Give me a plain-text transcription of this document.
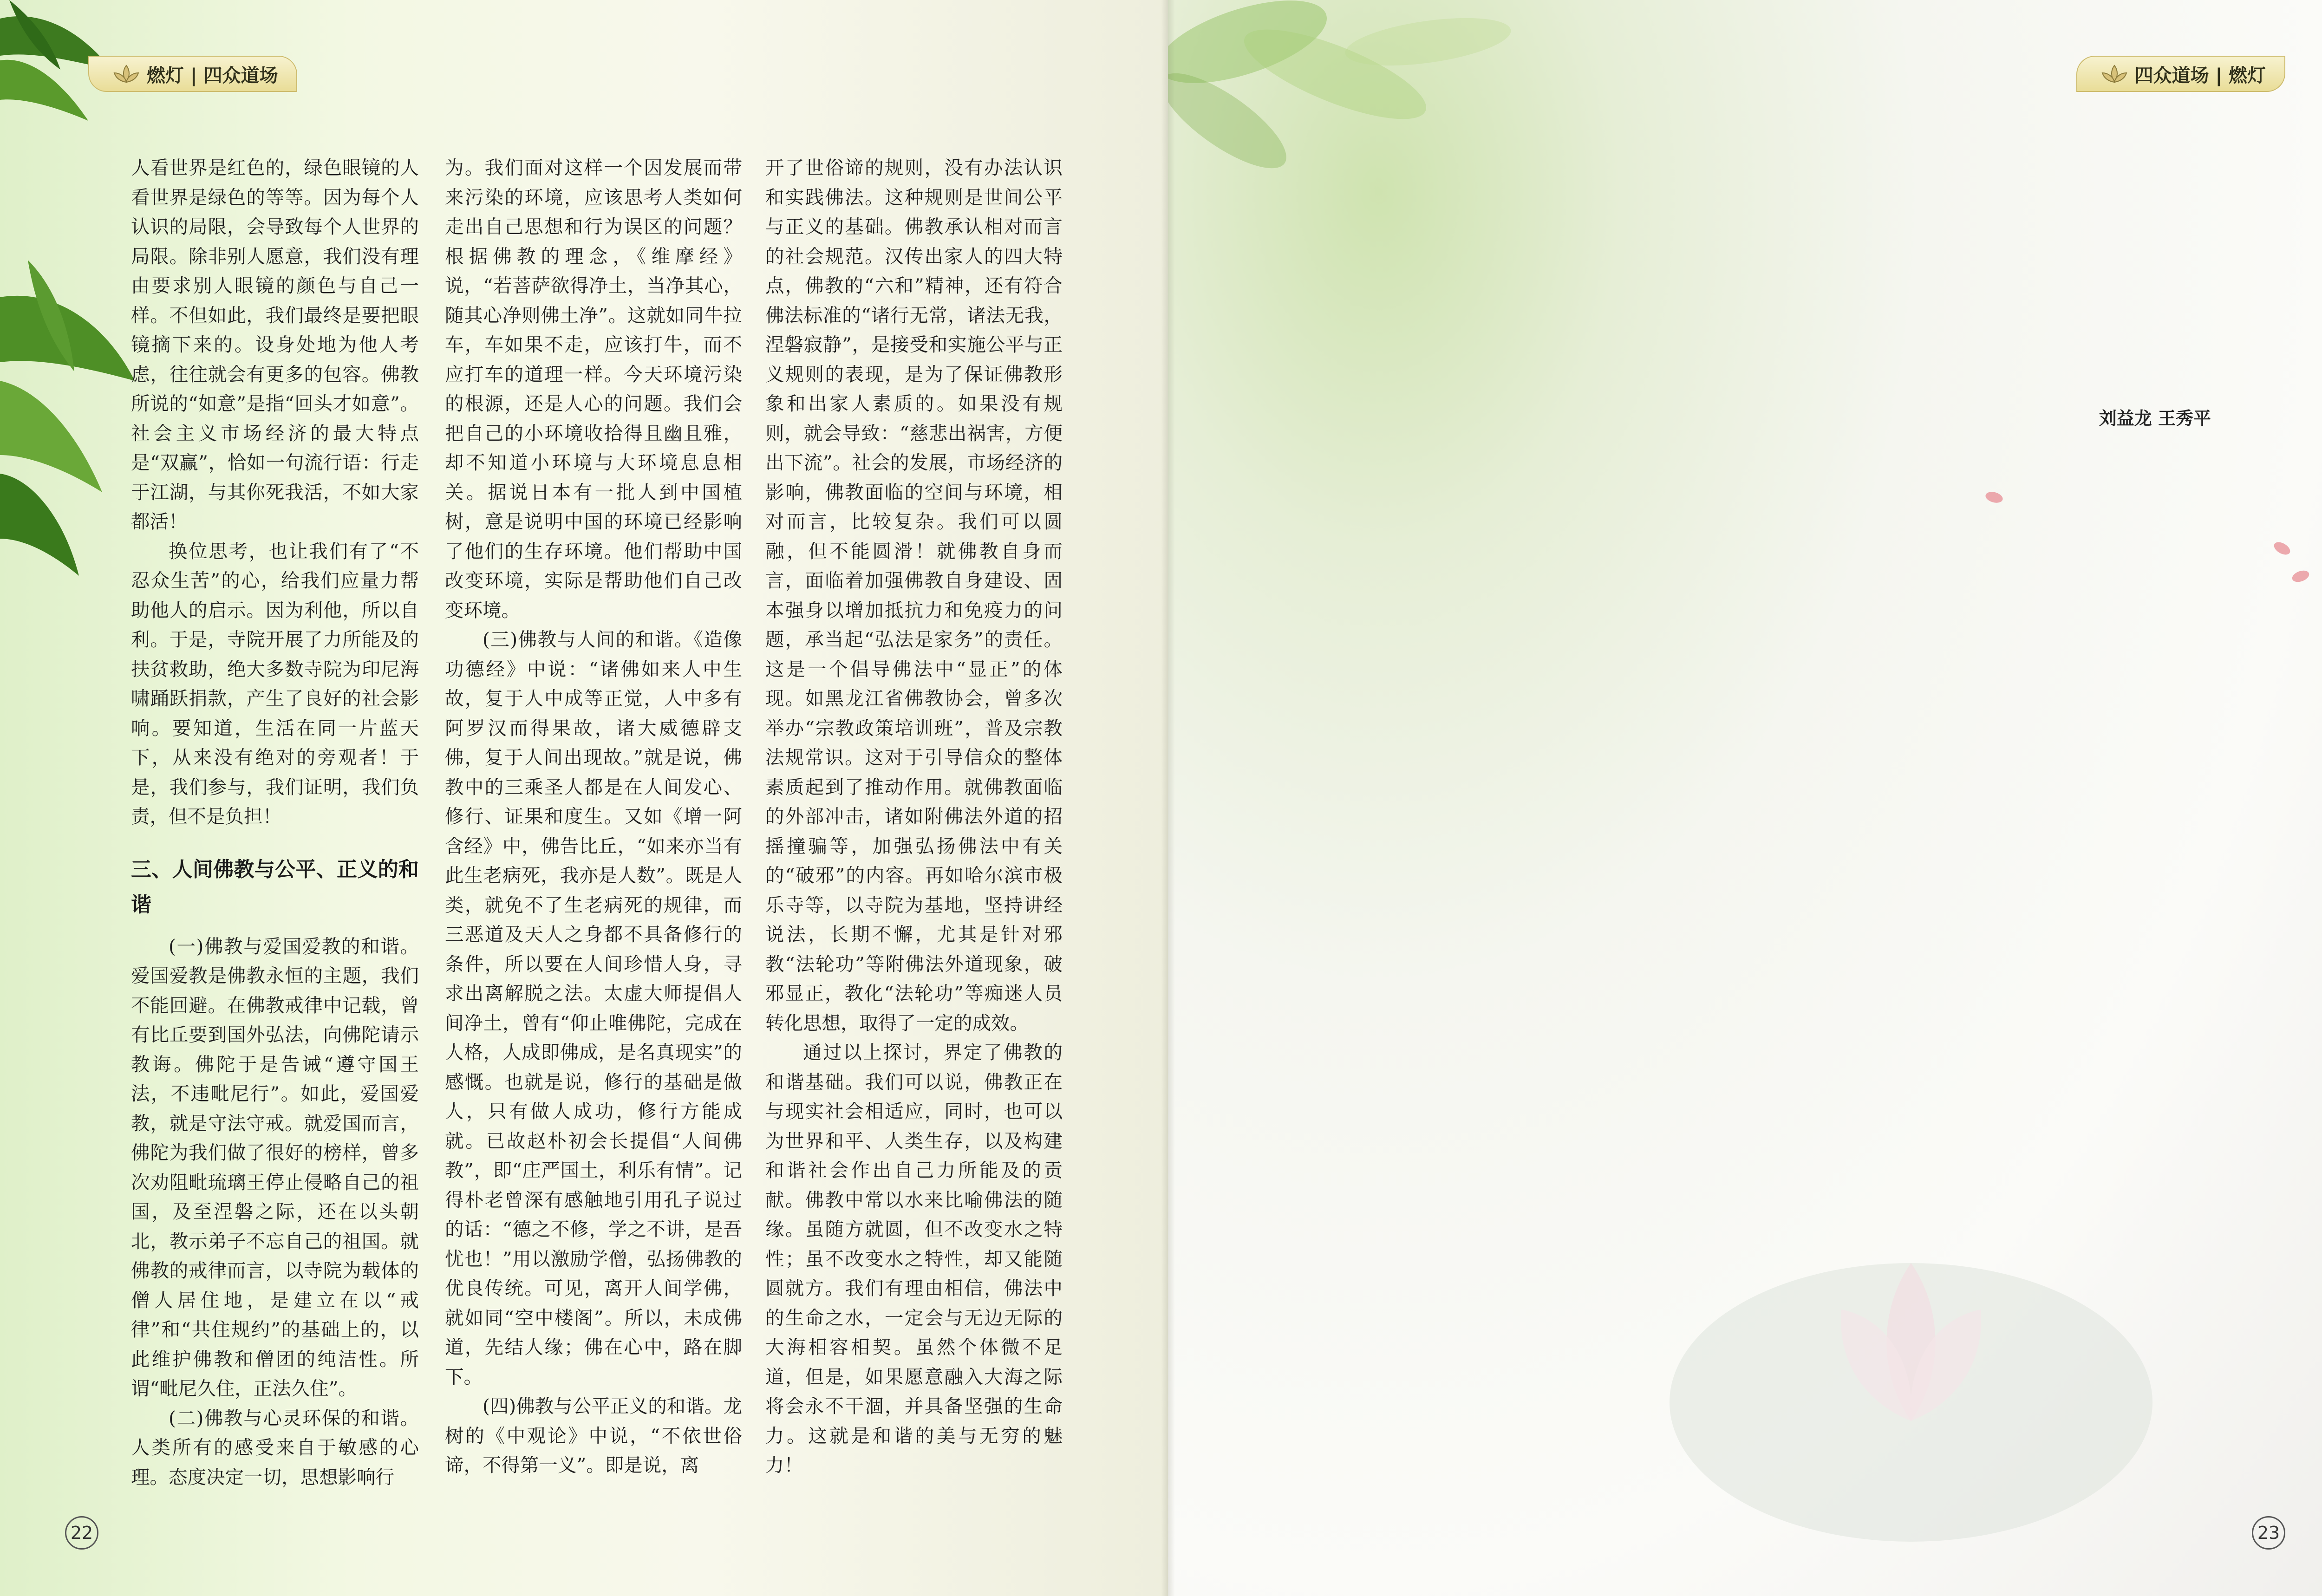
燃灯 | 四众道场

人看世界是红色的，绿色眼镜的人看世界是绿色的等等。因为每个人认识的局限，会导致每个人世界的局限。除非别人愿意，我们没有理由要求别人眼镜的颜色与自己一样。不但如此，我们最终是要把眼镜摘下来的。设身处地为他人考虑，往往就会有更多的包容。佛教所说的“如意”是指“回头才如意”。社会主义市场经济的最大特点是“双赢”，恰如一句流行语：行走于江湖，与其你死我活，不如大家都活！

换位思考，也让我们有了“不忍众生苦”的心，给我们应量力帮助他人的启示。因为利他，所以自利。于是，寺院开展了力所能及的扶贫救助，绝大多数寺院为印尼海啸踊跃捐款，产生了良好的社会影响。要知道，生活在同一片蓝天下，从来没有绝对的旁观者！于是，我们参与，我们证明，我们负责，但不是负担！

三、人间佛教与公平、正义的和谐

(一)佛教与爱国爱教的和谐。爱国爱教是佛教永恒的主题，我们不能回避。在佛教戒律中记载，曾有比丘要到国外弘法，向佛陀请示教诲。佛陀于是告诫“遵守国王法，不违毗尼行”。如此，爱国爱教，就是守法守戒。就爱国而言，佛陀为我们做了很好的榜样，曾多次劝阻毗琉璃王停止侵略自己的祖国，及至涅磐之际，还在以头朝北，教示弟子不忘自己的祖国。就佛教的戒律而言，以寺院为载体的僧人居住地，是建立在以“戒律”和“共住规约”的基础上的，以此维护佛教和僧团的纯洁性。所谓“毗尼久住，正法久住”。

(二)佛教与心灵环保的和谐。人类所有的感受来自于敏感的心理。态度决定一切，思想影响行

为。我们面对这样一个因发展而带来污染的环境，应该思考人类如何走出自己思想和行为误区的问题？根据佛教的理念，《维摩经》说，“若菩萨欲得净土，当净其心，随其心净则佛土净”。这就如同牛拉车，车如果不走，应该打牛，而不应打车的道理一样。今天环境污染的根源，还是人心的问题。我们会把自己的小环境收拾得且幽且雅，却不知道小环境与大环境息息相关。据说日本有一批人到中国植树，意是说明中国的环境已经影响了他们的生存环境。他们帮助中国改变环境，实际是帮助他们自己改变环境。

(三)佛教与人间的和谐。《造像功德经》中说：“诸佛如来人中生故，复于人中成等正觉，人中多有阿罗汉而得果故，诸大威德辟支佛，复于人间出现故。”就是说，佛教中的三乘圣人都是在人间发心、修行、证果和度生。又如《增一阿含经》中，佛告比丘，“如来亦当有此生老病死，我亦是人数”。既是人类，就免不了生老病死的规律，而三恶道及天人之身都不具备修行的条件，所以要在人间珍惜人身，寻求出离解脱之法。太虚大师提倡人间净土，曾有“仰止唯佛陀，完成在人格，人成即佛成，是名真现实”的感慨。也就是说，修行的基础是做人，只有做人成功，修行方能成就。已故赵朴初会长提倡“人间佛教”，即“庄严国土，利乐有情”。记得朴老曾深有感触地引用孔子说过的话：“德之不修，学之不讲，是吾忧也！”用以激励学僧，弘扬佛教的优良传统。可见，离开人间学佛，就如同“空中楼阁”。所以，未成佛道，先结人缘；佛在心中，路在脚下。

(四)佛教与公平正义的和谐。龙树的《中观论》中说，“不依世俗谛，不得第一义”。即是说，离

开了世俗谛的规则，没有办法认识和实践佛法。这种规则是世间公平与正义的基础。佛教承认相对而言的社会规范。汉传出家人的四大特点，佛教的“六和”精神，还有符合佛法标准的“诸行无常，诸法无我，涅磐寂静”，是接受和实施公平与正义规则的表现，是为了保证佛教形象和出家人素质的。如果没有规则，就会导致：“慈悲出祸害，方便出下流”。社会的发展，市场经济的影响，佛教面临的空间与环境，相对而言，比较复杂。我们可以圆融，但不能圆滑！就佛教自身而言，面临着加强佛教自身建设、固本强身以增加抵抗力和免疫力的问题，承当起“弘法是家务”的责任。这是一个倡导佛法中“显正”的体现。如黑龙江省佛教协会，曾多次举办“宗教政策培训班”，普及宗教法规常识。这对于引导信众的整体素质起到了推动作用。就佛教面临的外部冲击，诸如附佛法外道的招摇撞骗等，加强弘扬佛法中有关的“破邪”的内容。再如哈尔滨市极乐寺等，以寺院为基地，坚持讲经说法，长期不懈，尤其是针对邪教“法轮功”等附佛法外道现象，破邪显正，教化“法轮功”等痴迷人员转化思想，取得了一定的成效。

通过以上探讨，界定了佛教的和谐基础。我们可以说，佛教正在与现实社会相适应，同时，也可以为世界和平、人类生存，以及构建和谐社会作出自己力所能及的贡献。佛教中常以水来比喻佛法的随缘。虽随方就圆，但不改变水之特性；虽不改变水之特性，却又能随圆就方。我们有理由相信，佛法中的生命之水，一定会与无边无际的大海相容相契。虽然个体微不足道，但是，如果愿意融入大海之际将会永不干涸，并具备坚强的生命力。这就是和谐的美与无穷的魅力！

22
四众道场 | 燃灯
刘益龙 王秀平

23
